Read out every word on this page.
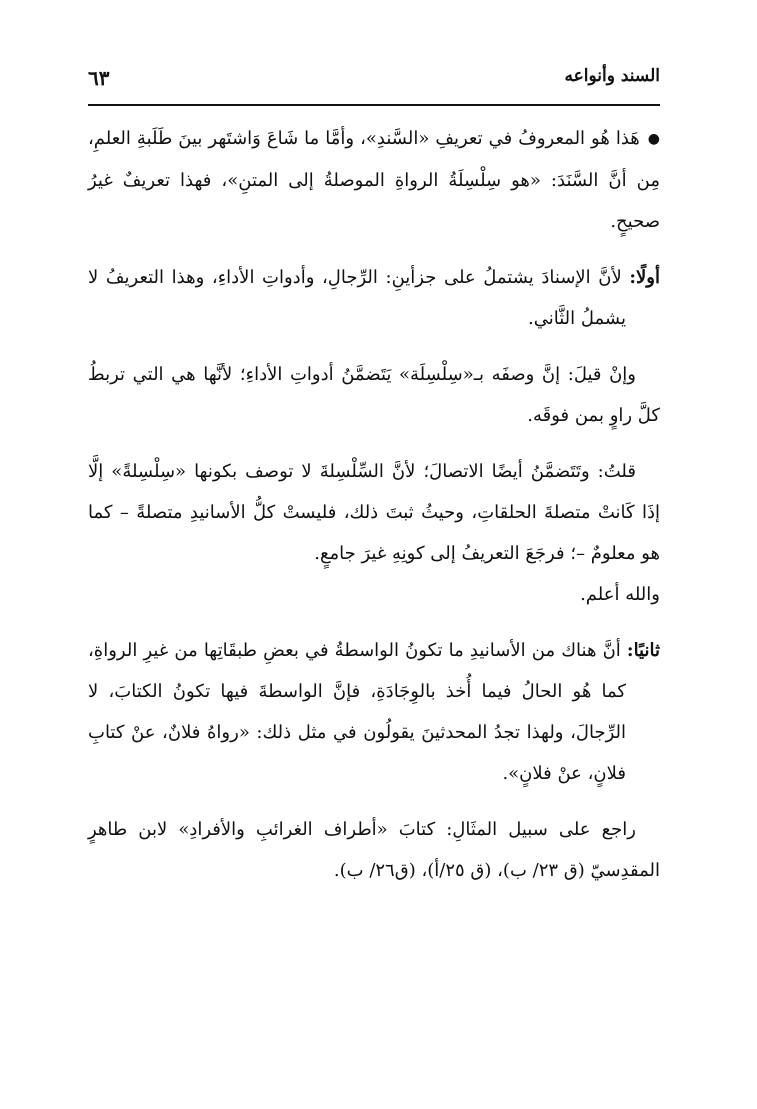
السند وأنواعه
٦٣

●هَذا هُو المعروفُ في تعريفِ «السَّندِ»، وأمَّا ما شَاعَ وَاشتَهر بينَ طَلَبةِ العلمِ، مِن أنَّ السَّنَدَ: «هو سِلْسِلَةُ الرواةِ الموصلةُ إلى المتنِ»، فهذا تعريفٌ غيرُ صحيحٍ.

أولًا: لأنَّ الإسنادَ يشتملُ على جزأينِ: الرِّجالِ، وأدواتِ الأداءِ، وهذا التعريفُ لا يشملُ الثَّاني.

وإنْ قيلَ: إنَّ وصفَه بـ«سِلْسِلَة» يَتَضمَّنُ أدواتِ الأداءِ؛ لأنَّها هي التي تربطُ كلَّ راوٍ بمن فوقَه.

قلتُ: وتَتَضمَّنُ أيضًا الاتصالَ؛ لأنَّ السِّلْسِلةَ لا توصف بكونها «سِلْسِلةً» إلَّا إذَا كَانتْ متصلةَ الحلقاتِ، وحيثُ ثبتَ ذلك، فليستْ كلُّ الأسانيدِ متصلةً – كما هو معلومٌ –؛ فرجَعَ التعريفُ إلى كونِهِ غيرَ جامعٍ.
والله أعلم.

ثانيًا: أنَّ هناك من الأسانيدِ ما تكونُ الواسطةُ في بعضِ طبقَاتِها من غيرِ الرواةِ، كما هُو الحالُ فيما أُخذ بالوِجَادَةِ، فإنَّ الواسطةَ فيها تكونُ الكتابَ، لا الرِّجالَ، ولهذا تجدُ المحدثينَ يقولُون في مثل ذلك: «رواهُ فلانٌ، عنْ كتابِ فلانٍ، عنْ فلانٍ».

راجع على سبيل المثَالِ: كتابَ «أطراف الغرائبِ والأفرادِ» لابن طاهرٍ المقدِسيّ (ق ٢٣/ ب)، (ق ٢٥/أ)، (ق٢٦/ ب).
